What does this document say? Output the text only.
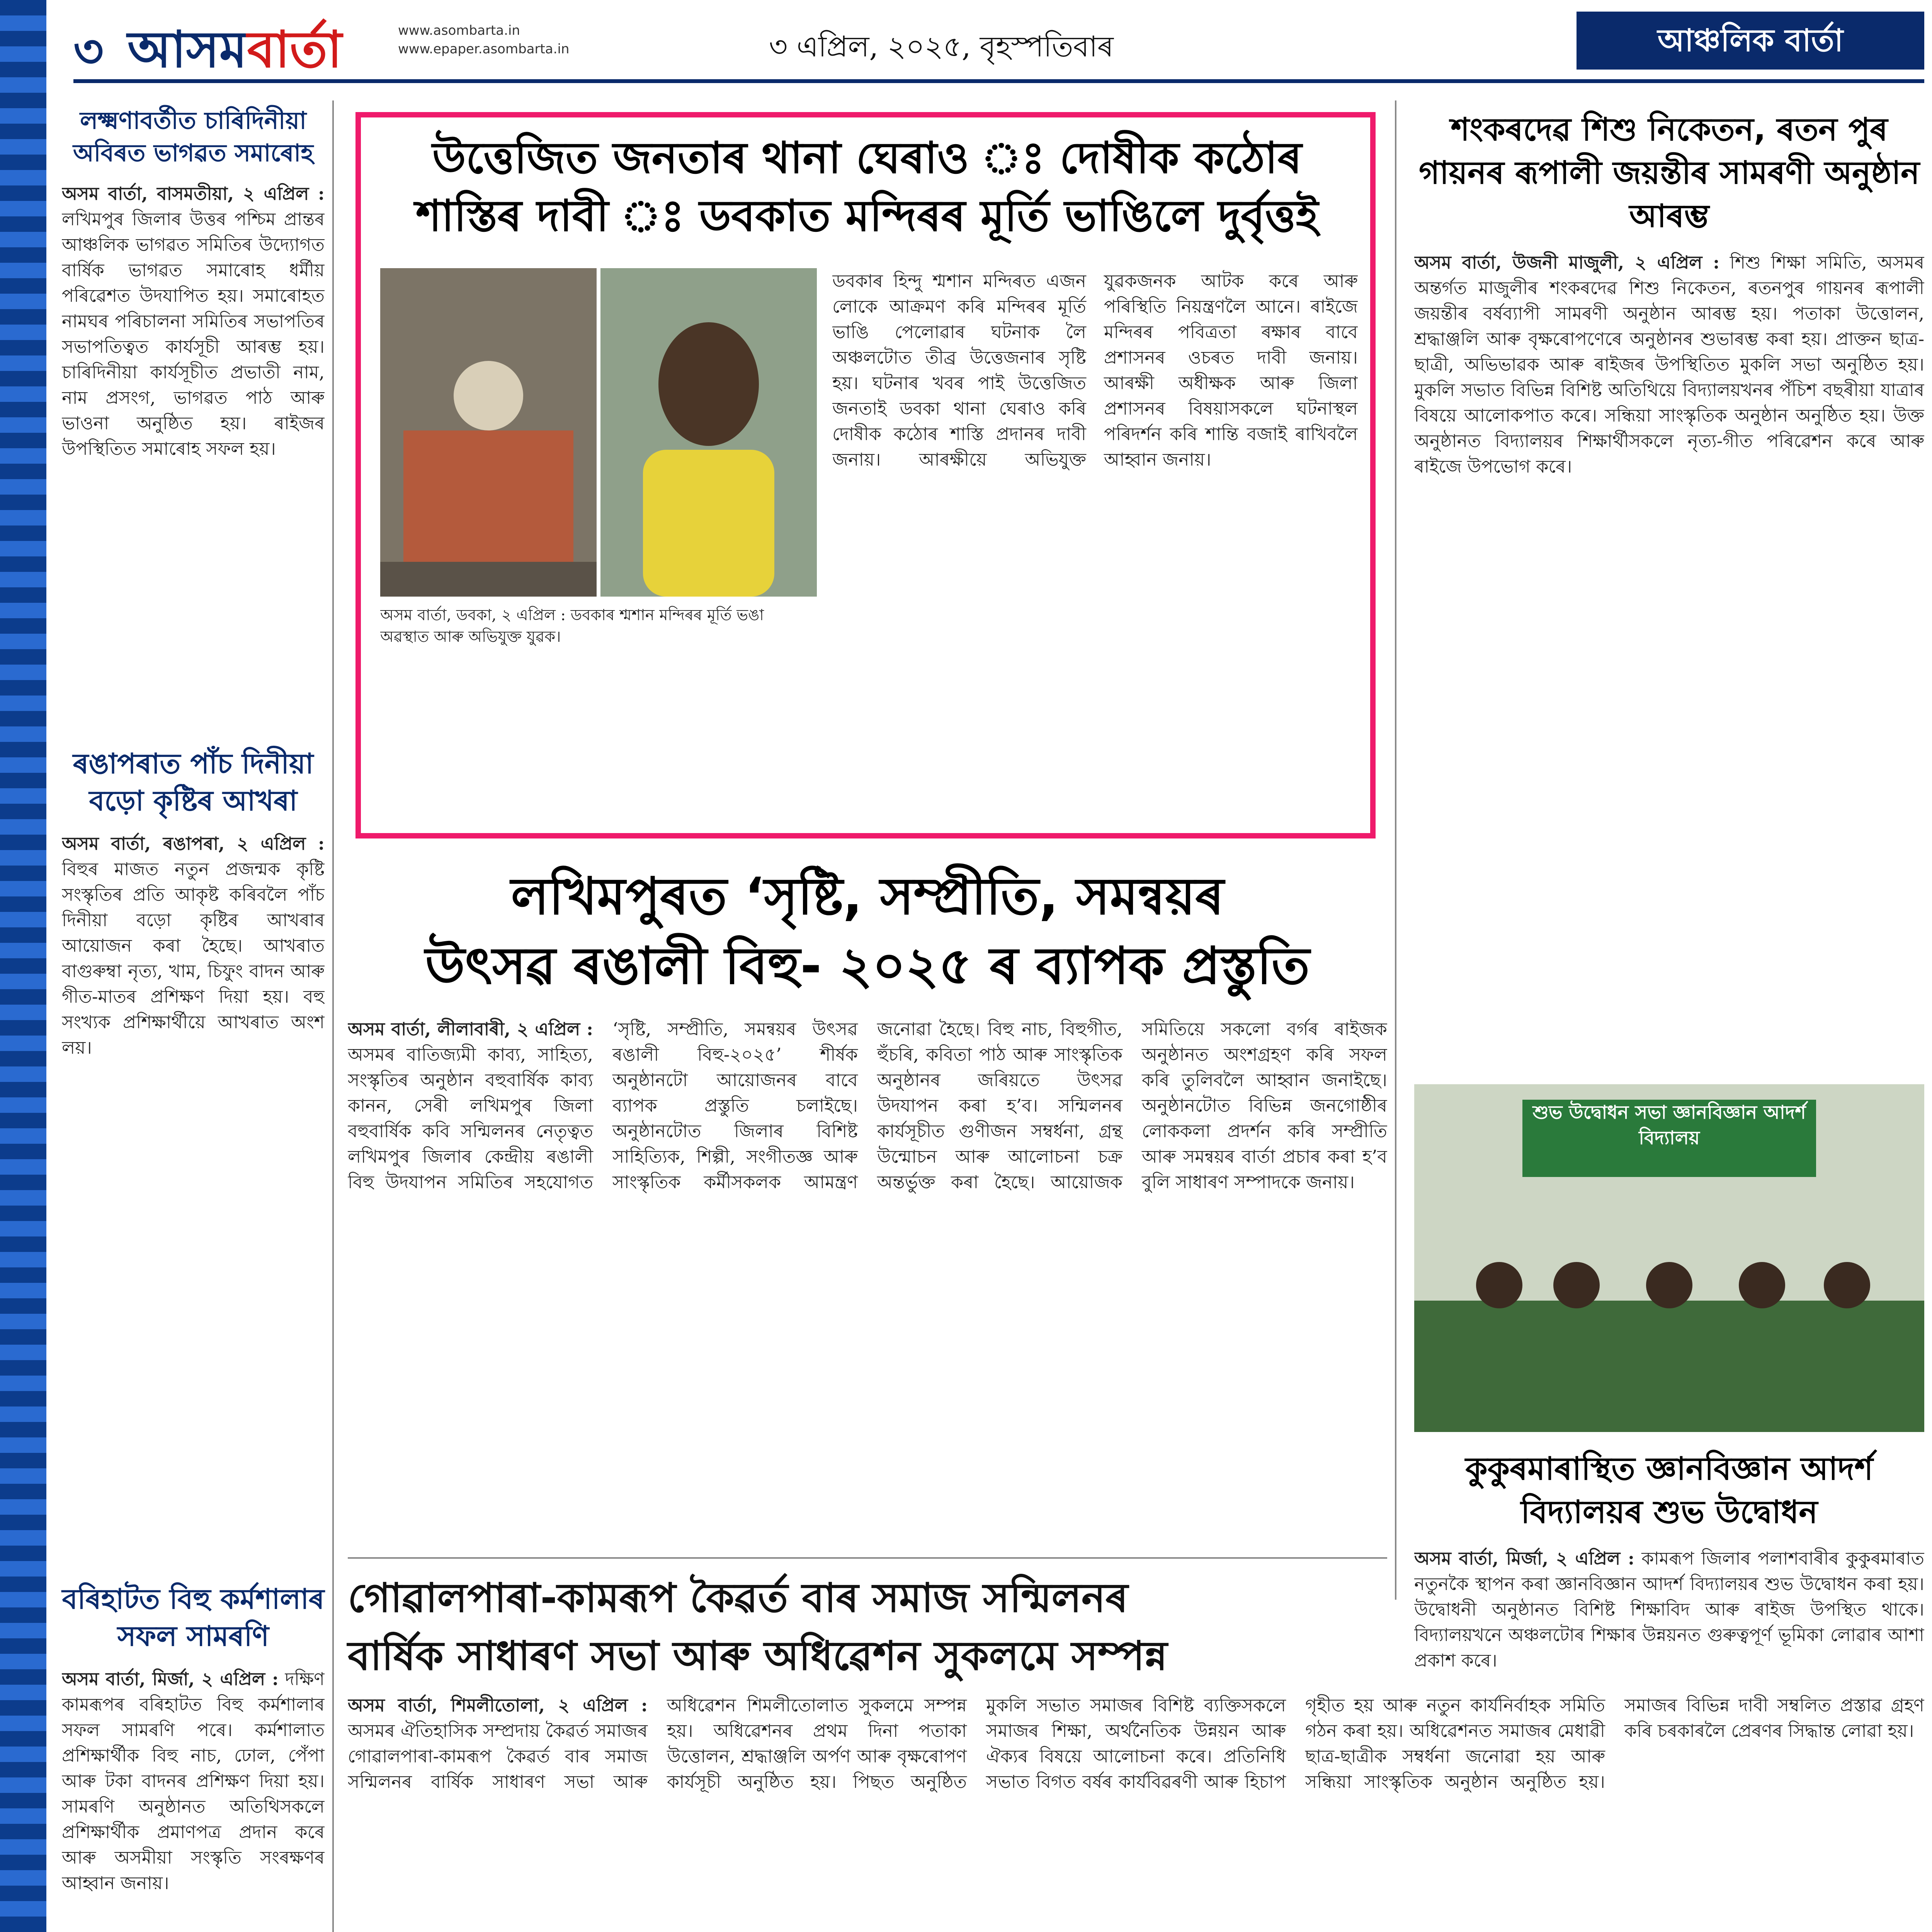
৩ আসমবাৰ্তা	www.asombarta.in
www.epaper.asombarta.in	৩ এপ্ৰিল, ২০২৫, বৃহস্পতিবাৰ	আঞ্চলিক বাৰ্তা
লক্ষ্মণাবৰ্তীত চাৰিদিনীয়া অবিৰত ভাগৱত সমাৰোহ
অসম বাৰ্তা, বাসমতীয়া, ২ এপ্ৰিল : লখিমপুৰ জিলাৰ উত্তৰ পশ্চিম প্ৰান্তৰ আঞ্চলিক ভাগৱত সমিতিৰ উদ্যোগত বাৰ্ষিক ভাগৱত সমাৰোহ ধৰ্মীয় পৰিৱেশত উদযাপিত হয়। সমাৰোহত নামঘৰ পৰিচালনা সমিতিৰ সভাপতিৰ সভাপতিত্বত কাৰ্যসূচী আৰম্ভ হয়। চাৰিদিনীয়া কাৰ্যসূচীত প্ৰভাতী নাম, নাম প্ৰসংগ, ভাগৱত পাঠ আৰু ভাওনা অনুষ্ঠিত হয়। ৰাইজৰ উপস্থিতিত সমাৰোহ সফল হয়।
ৰঙাপৰাত পাঁচ দিনীয়া বড়ো কৃষ্টিৰ আখৰা
অসম বাৰ্তা, ৰঙাপৰা, ২ এপ্ৰিল : বিহুৰ মাজত নতুন প্ৰজন্মক কৃষ্টি সংস্কৃতিৰ প্ৰতি আকৃষ্ট কৰিবলৈ পাঁচ দিনীয়া বড়ো কৃষ্টিৰ আখৰাৰ আয়োজন কৰা হৈছে। আখৰাত বাগুৰুম্বা নৃত্য, খাম, চিফুং বাদন আৰু গীত-মাতৰ প্ৰশিক্ষণ দিয়া হয়। বহু সংখ্যক প্ৰশিক্ষাৰ্থীয়ে আখৰাত অংশ লয়।
বৰিহাটত বিহু কৰ্মশালাৰ সফল সামৰণি
অসম বাৰ্তা, মিৰ্জা, ২ এপ্ৰিল : দক্ষিণ কামৰূপৰ বৰিহাটত বিহু কৰ্মশালাৰ সফল সামৰণি পৰে। কৰ্মশালাত প্ৰশিক্ষাৰ্থীক বিহু নাচ, ঢোল, পেঁপা আৰু টকা বাদনৰ প্ৰশিক্ষণ দিয়া হয়। সামৰণি অনুষ্ঠানত অতিথিসকলে প্ৰশিক্ষাৰ্থীক প্ৰমাণপত্ৰ প্ৰদান কৰে আৰু অসমীয়া সংস্কৃতি সংৰক্ষণৰ আহ্বান জনায়।
উত্তেজিত জনতাৰ থানা ঘেৰাও ঃ দোষীক কঠোৰ
শাস্তিৰ দাবী ঃ ডবকাত মন্দিৰৰ মূৰ্তি ভাঙিলে দুৰ্বৃত্তই
অসম বাৰ্তা, ডবকা, ২ এপ্ৰিল : ডবকাৰ শ্মশান মন্দিৰৰ মূৰ্তি ভঙা অৱস্থাত আৰু অভিযুক্ত যুৱক।
ডবকাৰ হিন্দু শ্মশান মন্দিৰত এজন লোকে আক্ৰমণ কৰি মন্দিৰৰ মূৰ্তি ভাঙি পেলোৱাৰ ঘটনাক লৈ অঞ্চলটোত তীব্ৰ উত্তেজনাৰ সৃষ্টি হয়। ঘটনাৰ খবৰ পাই উত্তেজিত জনতাই ডবকা থানা ঘেৰাও কৰি দোষীক কঠোৰ শাস্তি প্ৰদানৰ দাবী জনায়। আৰক্ষীয়ে অভিযুক্ত যুৱকজনক আটক কৰে আৰু পৰিস্থিতি নিয়ন্ত্ৰণলৈ আনে। ৰাইজে মন্দিৰৰ পবিত্ৰতা ৰক্ষাৰ বাবে প্ৰশাসনৰ ওচৰত দাবী জনায়। আৰক্ষী অধীক্ষক আৰু জিলা প্ৰশাসনৰ বিষয়াসকলে ঘটনাস্থল পৰিদৰ্শন কৰি শান্তি বজাই ৰাখিবলৈ আহ্বান জনায়।
শংকৰদেৱ শিশু নিকেতন, ৰতন পুৰ গায়নৰ ৰূপালী জয়ন্তীৰ সামৰণী অনুষ্ঠান আৰম্ভ
অসম বাৰ্তা, উজনী মাজুলী, ২ এপ্ৰিল : শিশু শিক্ষা সমিতি, অসমৰ অন্তৰ্গত মাজুলীৰ শংকৰদেৱ শিশু নিকেতন, ৰতনপুৰ গায়নৰ ৰূপালী জয়ন্তীৰ বৰ্ষব্যাপী সামৰণী অনুষ্ঠান আৰম্ভ হয়। পতাকা উত্তোলন, শ্ৰদ্ধাঞ্জলি আৰু বৃক্ষৰোপণেৰে অনুষ্ঠানৰ শুভাৰম্ভ কৰা হয়। প্ৰাক্তন ছাত্ৰ-ছাত্ৰী, অভিভাৱক আৰু ৰাইজৰ উপস্থিতিত মুকলি সভা অনুষ্ঠিত হয়। মুকলি সভাত বিভিন্ন বিশিষ্ট অতিথিয়ে বিদ্যালয়খনৰ পঁচিশ বছৰীয়া যাত্ৰাৰ বিষয়ে আলোকপাত কৰে। সন্ধিয়া সাংস্কৃতিক অনুষ্ঠান অনুষ্ঠিত হয়। উক্ত অনুষ্ঠানত বিদ্যালয়ৰ শিক্ষাৰ্থীসকলে নৃত্য-গীত পৰিৱেশন কৰে আৰু ৰাইজে উপভোগ কৰে।
শুভ উদ্বোধন সভা জ্ঞানবিজ্ঞান আদৰ্শ বিদ্যালয়
কুকুৰমাৰাস্থিত জ্ঞানবিজ্ঞান আদৰ্শ বিদ্যালয়ৰ শুভ উদ্বোধন
অসম বাৰ্তা, মিৰ্জা, ২ এপ্ৰিল : কামৰূপ জিলাৰ পলাশবাৰীৰ কুকুৰমাৰাত নতুনকৈ স্থাপন কৰা জ্ঞানবিজ্ঞান আদৰ্শ বিদ্যালয়ৰ শুভ উদ্বোধন কৰা হয়। উদ্বোধনী অনুষ্ঠানত বিশিষ্ট শিক্ষাবিদ আৰু ৰাইজ উপস্থিত থাকে। বিদ্যালয়খনে অঞ্চলটোৰ শিক্ষাৰ উন্নয়নত গুৰুত্বপূৰ্ণ ভূমিকা লোৱাৰ আশা প্ৰকাশ কৰে।
লখিমপুৰত ‘সৃষ্টি, সম্প্ৰীতি, সমন্বয়ৰ
উৎসৱ ৰঙালী বিহু- ২০২৫ ৰ ব্যাপক প্ৰস্তুতি
অসম বাৰ্তা, লীলাবাৰী, ২ এপ্ৰিল : অসমৰ বাতিজ্যমী কাব্য, সাহিত্য, সংস্কৃতিৰ অনুষ্ঠান বহুবাৰ্ষিক কাব্য কানন, সেৰী লখিমপুৰ জিলা বহুবাৰ্ষিক কবি সন্মিলনৰ নেতৃত্বত লখিমপুৰ জিলাৰ কেন্দ্ৰীয় ৰঙালী বিহু উদযাপন সমিতিৰ সহযোগত ‘সৃষ্টি, সম্প্ৰীতি, সমন্বয়ৰ উৎসৱ ৰঙালী বিহু-২০২৫’ শীৰ্ষক অনুষ্ঠানটো আয়োজনৰ বাবে ব্যাপক প্ৰস্তুতি চলাইছে। অনুষ্ঠানটোত জিলাৰ বিশিষ্ট সাহিত্যিক, শিল্পী, সংগীতজ্ঞ আৰু সাংস্কৃতিক কৰ্মীসকলক আমন্ত্ৰণ জনোৱা হৈছে। বিহু নাচ, বিহুগীত, হুঁচৰি, কবিতা পাঠ আৰু সাংস্কৃতিক অনুষ্ঠানৰ জৰিয়তে উৎসৱ উদযাপন কৰা হ’ব। সন্মিলনৰ কাৰ্যসূচীত গুণীজন সম্বৰ্ধনা, গ্ৰন্থ উন্মোচন আৰু আলোচনা চক্ৰ অন্তৰ্ভুক্ত কৰা হৈছে। আয়োজক সমিতিয়ে সকলো বৰ্গৰ ৰাইজক অনুষ্ঠানত অংশগ্ৰহণ কৰি সফল কৰি তুলিবলৈ আহ্বান জনাইছে। অনুষ্ঠানটোত বিভিন্ন জনগোষ্ঠীৰ লোককলা প্ৰদৰ্শন কৰি সম্প্ৰীতি আৰু সমন্বয়ৰ বাৰ্তা প্ৰচাৰ কৰা হ’ব বুলি সাধাৰণ সম্পাদকে জনায়।
গোৱালপাৰা-কামৰূপ কৈৱৰ্ত বাৰ সমাজ সন্মিলনৰ
বাৰ্ষিক সাধাৰণ সভা আৰু অধিৱেশন সুকলমে সম্পন্ন
অসম বাৰ্তা, শিমলীতোলা, ২ এপ্ৰিল : অসমৰ ঐতিহাসিক সম্প্ৰদায় কৈৱৰ্ত সমাজৰ গোৱালপাৰা-কামৰূপ কৈৱৰ্ত বাৰ সমাজ সন্মিলনৰ বাৰ্ষিক সাধাৰণ সভা আৰু অধিৱেশন শিমলীতোলাত সুকলমে সম্পন্ন হয়। অধিৱেশনৰ প্ৰথম দিনা পতাকা উত্তোলন, শ্ৰদ্ধাঞ্জলি অৰ্পণ আৰু বৃক্ষৰোপণ কাৰ্যসূচী অনুষ্ঠিত হয়। পিছত অনুষ্ঠিত মুকলি সভাত সমাজৰ বিশিষ্ট ব্যক্তিসকলে সমাজৰ শিক্ষা, অৰ্থনৈতিক উন্নয়ন আৰু ঐক্যৰ বিষয়ে আলোচনা কৰে। প্ৰতিনিধি সভাত বিগত বৰ্ষৰ কাৰ্যবিৱৰণী আৰু হিচাপ গৃহীত হয় আৰু নতুন কাৰ্যনিৰ্বাহক সমিতি গঠন কৰা হয়। অধিৱেশনত সমাজৰ মেধাৱী ছাত্ৰ-ছাত্ৰীক সম্বৰ্ধনা জনোৱা হয় আৰু সন্ধিয়া সাংস্কৃতিক অনুষ্ঠান অনুষ্ঠিত হয়। সমাজৰ বিভিন্ন দাবী সম্বলিত প্ৰস্তাৱ গ্ৰহণ কৰি চৰকাৰলৈ প্ৰেৰণৰ সিদ্ধান্ত লোৱা হয়।
